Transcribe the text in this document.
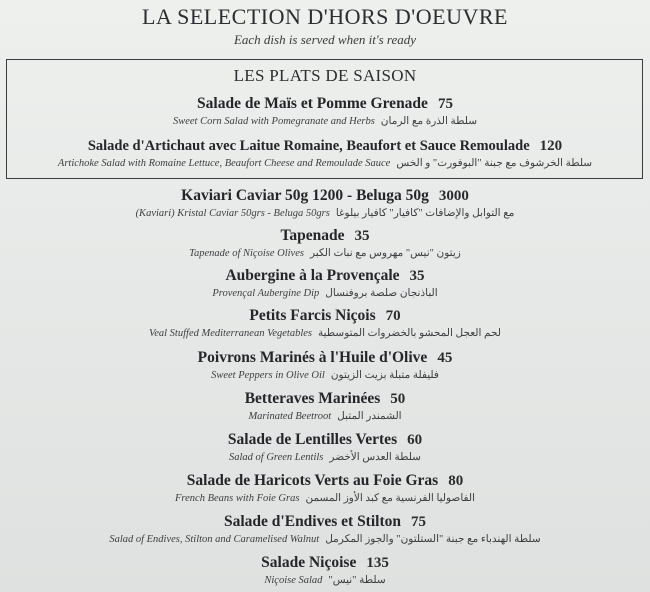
LA SELECTION D'HORS D'OEUVRE
Each dish is served when it's ready
LES PLATS DE SAISON
Salade de Maïs et Pomme Grenade 75
Sweet Corn Salad with Pomegranate and Herbs سلطة الذرة مع الرمان
Salade d'Artichaut avec Laitue Romaine, Beaufort et Sauce Remoulade 120
Artichoke Salad with Romaine Lettuce, Beaufort Cheese and Remoulade Sauce سلطة الخرشوف مع جبنة "البوفورت" و الخس
Kaviari Caviar 50g 1200 - Beluga 50g 3000
(Kaviari) Kristal Caviar 50grs - Beluga 50grs مع التوابل والإضافات "كافيار" كافيار بيلوغا
Tapenade 35
Tapenade of Niçoise Olives زيتون "نيس" مهروس مع نبات الكبر
Aubergine à la Provençale 35
Provençal Aubergine Dip الباذنجان صلصة بروفنسال
Petits Farcis Niçois 70
Veal Stuffed Mediterranean Vegetables لحم العجل المحشو بالخضروات المتوسطية
Poivrons Marinés à l'Huile d'Olive 45
Sweet Peppers in Olive Oil فليفلة متبلة بزيت الزيتون
Betteraves Marinées 50
Marinated Beetroot الشمندر المتبل
Salade de Lentilles Vertes 60
Salad of Green Lentils سلطة العدس الأخضر
Salade de Haricots Verts au Foie Gras 80
French Beans with Foie Gras الفاصوليا الفرنسية مع كبد الأوز المسمن
Salade d'Endives et Stilton 75
Salad of Endives, Stilton and Caramelised Walnut سلطة الهندباء مع جبنة "الستلتون" والجوز المكرمل
Salade Niçoise 135
Niçoise Salad سلطة "نيس"
